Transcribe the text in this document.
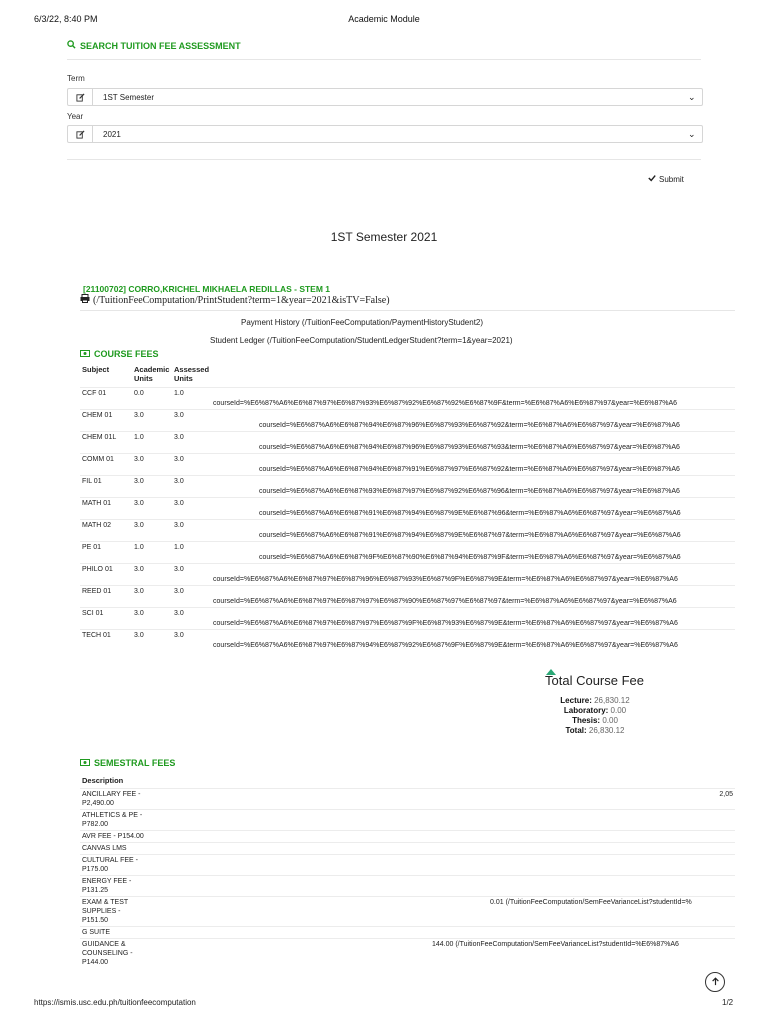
6/3/22, 8:40 PM	Academic Module
SEARCH TUITION FEE ASSESSMENT
Term
1ST Semester	⌄
Year
2021	⌄
Submit
1ST Semester 2021
[21100702] CORRO,KRICHEL MIKHAELA REDILLAS - STEM 1
(/TuitionFeeComputation/PrintStudent?term=1&year=2021&isTV=False)
Payment History (/TuitionFeeComputation/PaymentHistoryStudent2)
Student Ledger (/TuitionFeeComputation/StudentLedgerStudent?term=1&year=2021)
COURSE FEES
Subject	Academic Units	Assessed Units	
CCF 01	0.0	1.0	courseId=%E6%87%A6%E6%87%97%E6%87%93%E6%87%92%E6%87%92%E6%87%9F&term=%E6%87%A6%E6%87%97&year=%E6%87%A6
CHEM 01	3.0	3.0	courseId=%E6%87%A6%E6%87%94%E6%87%96%E6%87%93%E6%87%92&term=%E6%87%A6%E6%87%97&year=%E6%87%A6
CHEM 01L	1.0	3.0	courseId=%E6%87%A6%E6%87%94%E6%87%96%E6%87%93%E6%87%93&term=%E6%87%A6%E6%87%97&year=%E6%87%A6
COMM 01	3.0	3.0	courseId=%E6%87%A6%E6%87%94%E6%87%91%E6%87%97%E6%87%92&term=%E6%87%A6%E6%87%97&year=%E6%87%A6
FIL 01	3.0	3.0	courseId=%E6%87%A6%E6%87%93%E6%87%97%E6%87%92%E6%87%96&term=%E6%87%A6%E6%87%97&year=%E6%87%A6
MATH 01	3.0	3.0	courseId=%E6%87%A6%E6%87%91%E6%87%94%E6%87%9E%E6%87%96&term=%E6%87%A6%E6%87%97&year=%E6%87%A6
MATH 02	3.0	3.0	courseId=%E6%87%A6%E6%87%91%E6%87%94%E6%87%9E%E6%87%97&term=%E6%87%A6%E6%87%97&year=%E6%87%A6
PE 01	1.0	1.0	courseId=%E6%87%A6%E6%87%9F%E6%87%90%E6%87%94%E6%87%9F&term=%E6%87%A6%E6%87%97&year=%E6%87%A6
PHILO 01	3.0	3.0	courseId=%E6%87%A6%E6%87%97%E6%87%96%E6%87%93%E6%87%9F%E6%87%9E&term=%E6%87%A6%E6%87%97&year=%E6%87%A6
REED 01	3.0	3.0	courseId=%E6%87%A6%E6%87%97%E6%87%97%E6%87%90%E6%87%97%E6%87%97&term=%E6%87%A6%E6%87%97&year=%E6%87%A6
SCI 01	3.0	3.0	courseId=%E6%87%A6%E6%87%97%E6%87%97%E6%87%9F%E6%87%93%E6%87%9E&term=%E6%87%A6%E6%87%97&year=%E6%87%A6
TECH 01	3.0	3.0	courseId=%E6%87%A6%E6%87%97%E6%87%94%E6%87%92%E6%87%9F%E6%87%9E&term=%E6%87%A6%E6%87%97&year=%E6%87%A6
Total Course Fee
Lecture: 26,830.12
Laboratory: 0.00
Thesis: 0.00
Total: 26,830.12
SEMESTRAL FEES
Description	
ANCILLARY FEE - P2,490.00	2,05
ATHLETICS & PE - P782.00	
AVR FEE - P154.00	
CANVAS LMS	
CULTURAL FEE - P175.00	
ENERGY FEE - P131.25	
EXAM & TEST SUPPLIES - P151.50	0.01 (/TuitionFeeComputation/SemFeeVarianceList?studentId=%
G SUITE	
GUIDANCE & COUNSELING - P144.00	144.00 (/TuitionFeeComputation/SemFeeVarianceList?studentId=%E6%87%A6
https://ismis.usc.edu.ph/tuitionfeecomputation	1/2
